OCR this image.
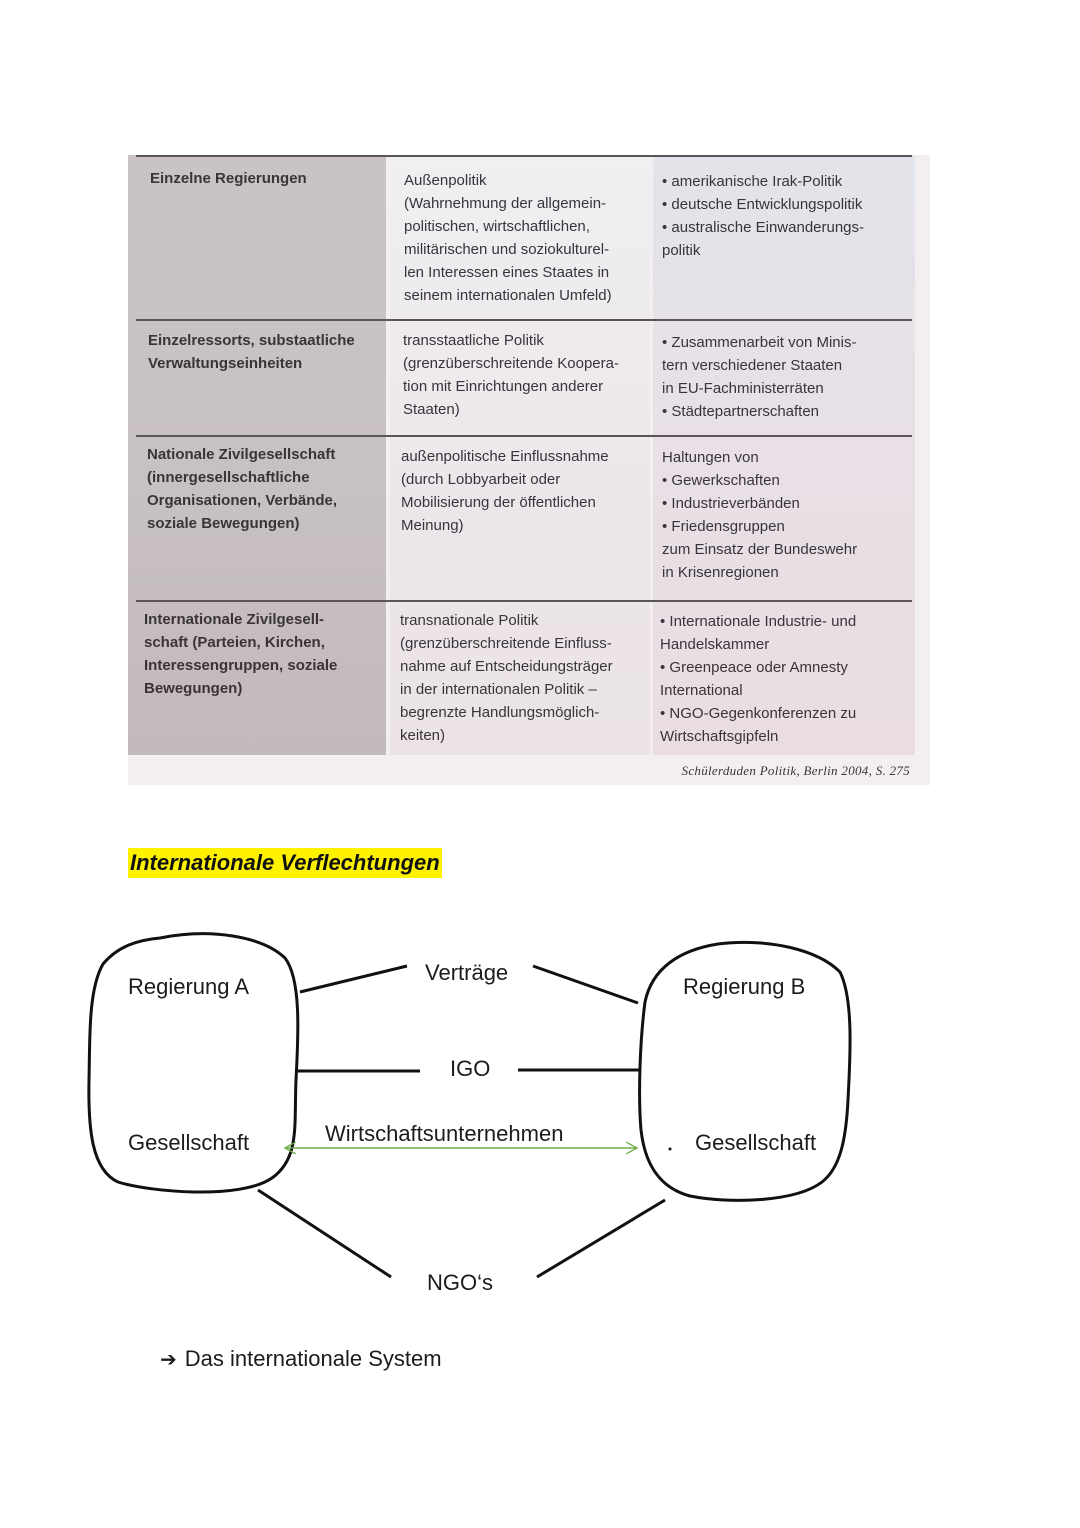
Einzelne Regierungen	Außenpolitik
(Wahrnehmung der allgemein-
politischen, wirtschaftlichen,
militärischen und soziokulturel-
len Interessen eines Staates in
seinem internationalen Umfeld)
• amerikanische Irak-Politik
• deutsche Entwicklungspolitik
• australische Einwanderungs-
politik
Einzelressorts, substaatliche
Verwaltungseinheiten
transstaatliche Politik
(grenzüberschreitende Koopera-
tion mit Einrichtungen anderer
Staaten)
• Zusammenarbeit von Minis-
tern verschiedener Staaten
in EU-Fachministerräten
• Städtepartnerschaften
Nationale Zivilgesellschaft
(innergesellschaftliche
Organisationen, Verbände,
soziale Bewegungen)
außenpolitische Einflussnahme
(durch Lobbyarbeit oder
Mobilisierung der öffentlichen
Meinung)
Haltungen von
• Gewerkschaften
• Industrieverbänden
• Friedensgruppen
zum Einsatz der Bundeswehr
in Krisenregionen
Internationale Zivilgesell-
schaft (Parteien, Kirchen,
Interessengruppen, soziale
Bewegungen)
transnationale Politik
(grenzüberschreitende Einfluss-
nahme auf Entscheidungsträger
in der internationalen Politik –
begrenzte Handlungsmöglich-
keiten)
• Internationale Industrie- und
Handelskammer
• Greenpeace oder Amnesty
International
• NGO-Gegenkonferenzen zu
Wirtschaftsgipfeln
Schülerduden Politik, Berlin 2004, S. 275
Internationale Verflechtungen
Regierung A
Gesellschaft
Regierung B
Gesellschaft
Verträge
IGO
Wirtschaftsunternehmen
NGO‘s
➔ Das internationale System
